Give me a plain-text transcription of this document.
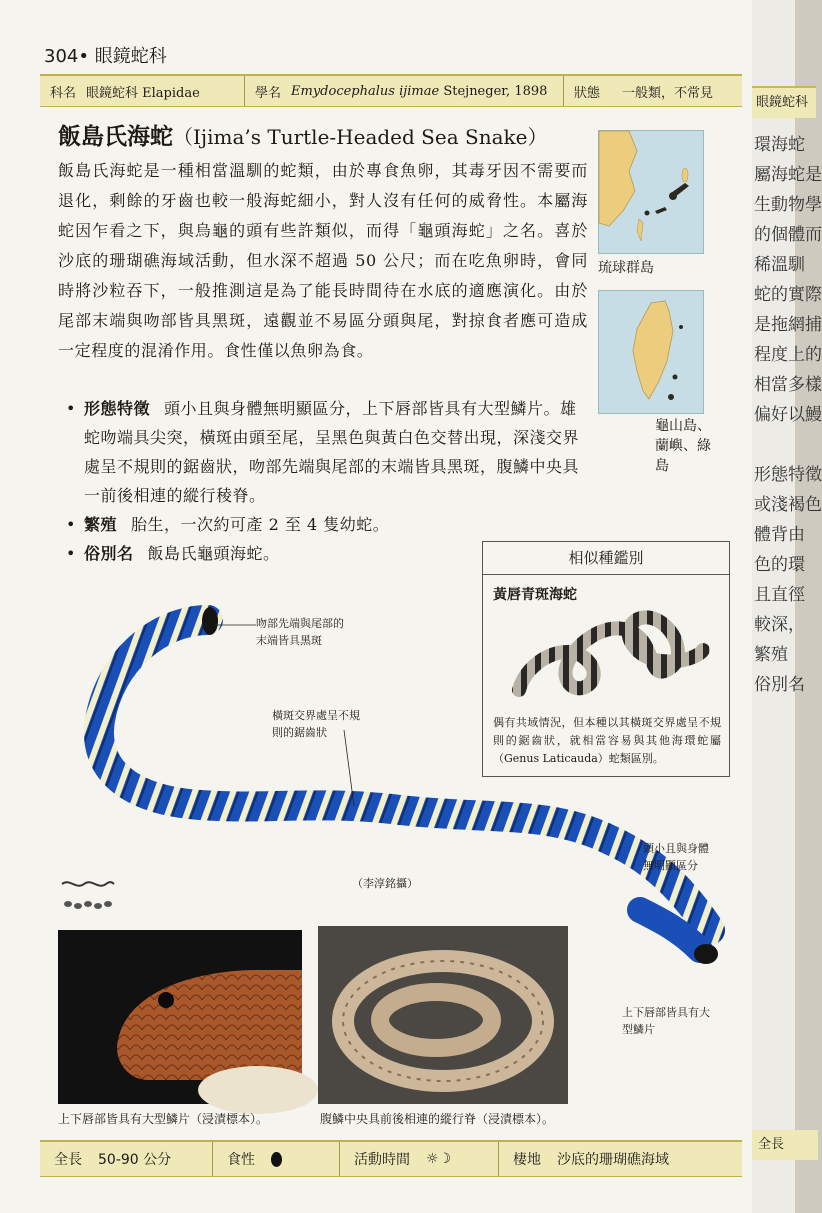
304• 眼鏡蛇科
科名 眼鏡蛇科 Elapidae	學名 Emydocephalus ijimae Stejneger, 1898 狀態 一般類，不常見
飯島氏海蛇（Ijima’s Turtle-Headed Sea Snake）
飯島氏海蛇是一種相當溫馴的蛇類，由於專食魚卵，其毒牙因不需要而退化，剩餘的牙齒也較一般海蛇細小，對人沒有任何的威脅性。本屬海蛇因乍看之下，與烏龜的頭有些許類似，而得「龜頭海蛇」之名。喜於沙底的珊瑚礁海域活動，但水深不超過 50 公尺；而在吃魚卵時，會同時將沙粒吞下，一般推測這是為了能長時間待在水底的適應演化。由於尾部末端與吻部皆具黑斑，遠觀並不易區分頭與尾，對掠食者應可造成一定程度的混淆作用。食性僅以魚卵為食。
琉球群島
龜山島、蘭嶼、綠島
• 形態特徵 頭小且與身體無明顯區分，上下唇部皆具有大型鱗片。雄蛇吻端具尖突，橫斑由頭至尾，呈黑色與黃白色交替出現，深淺交界處呈不規則的鋸齒狀，吻部先端與尾部的末端皆具黑斑，腹鱗中央具一前後相連的縱行稜脊。
• 繁殖 胎生，一次約可產 2 至 4 隻幼蛇。
• 俗別名 飯島氏龜頭海蛇。	相似種鑑別
黃唇青斑海蛇
偶有共域情況，但本種以其橫斑交界處呈不規則的鋸齒狀，就相當容易與其他海環蛇屬（Genus Laticauda）蛇類區別。
吻部先端與尾部的
末端皆具黑斑
橫斑交界處呈不規
則的鋸齒狀
頭小且與身體
無明顯區分
上下唇部皆具有大
型鱗片
（李淳銘攝）
上下唇部皆具有大型鱗片（浸漬標本）。	腹鱗中央具前後相連的縱行脊（浸漬標本）。
全長 50-90 公分	食性	活動時間 ☼☽	棲地 沙底的珊瑚礁海域
眼鏡蛇科
環海蛇
屬海蛇是
生動物學
的個體而
稀溫馴
蛇的實際
是拖網捕
程度上的
相當多樣
偏好以鰻

形態特徵
或淺褐色
體背由
色的環
且直徑
較深，
繁殖
俗別名
全長
